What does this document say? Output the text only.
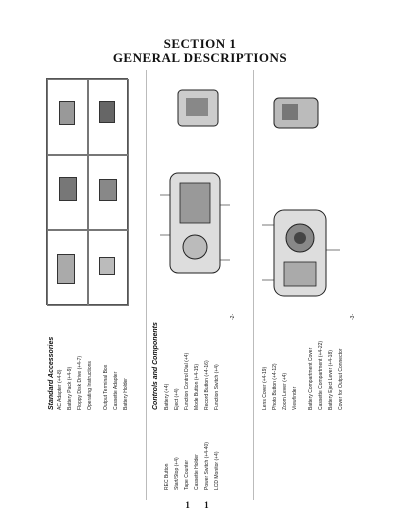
SECTION 1
GENERAL DESCRIPTIONS
Standard Accessories AC Adapter (+4-8) Battery Pack (+4-9) Floppy Disk Drive (+4-7) Operating Instructions Output Terminal Box Cassette Adapter Battery Holder	Controls and Components Battery (+4) Eject (+4) Function Control Dial (+4) Mode Button (+4-15) Record Button (+4-16) Function Switch (+4)
REC Button Start/Stop (+4) Tape Counter Cassette Holder Power Switch (+4-40) LCD Monitor (+4)
-2-
Lens Cover (+4-19) Photo Button (+4-12) Zoom Lever (+4) Viewfinder Battery Compartment Cover Cassette Compartment (+4-22) Battery Eject Lever (+4-18) Cover for Output Connector
-3-
1 1
